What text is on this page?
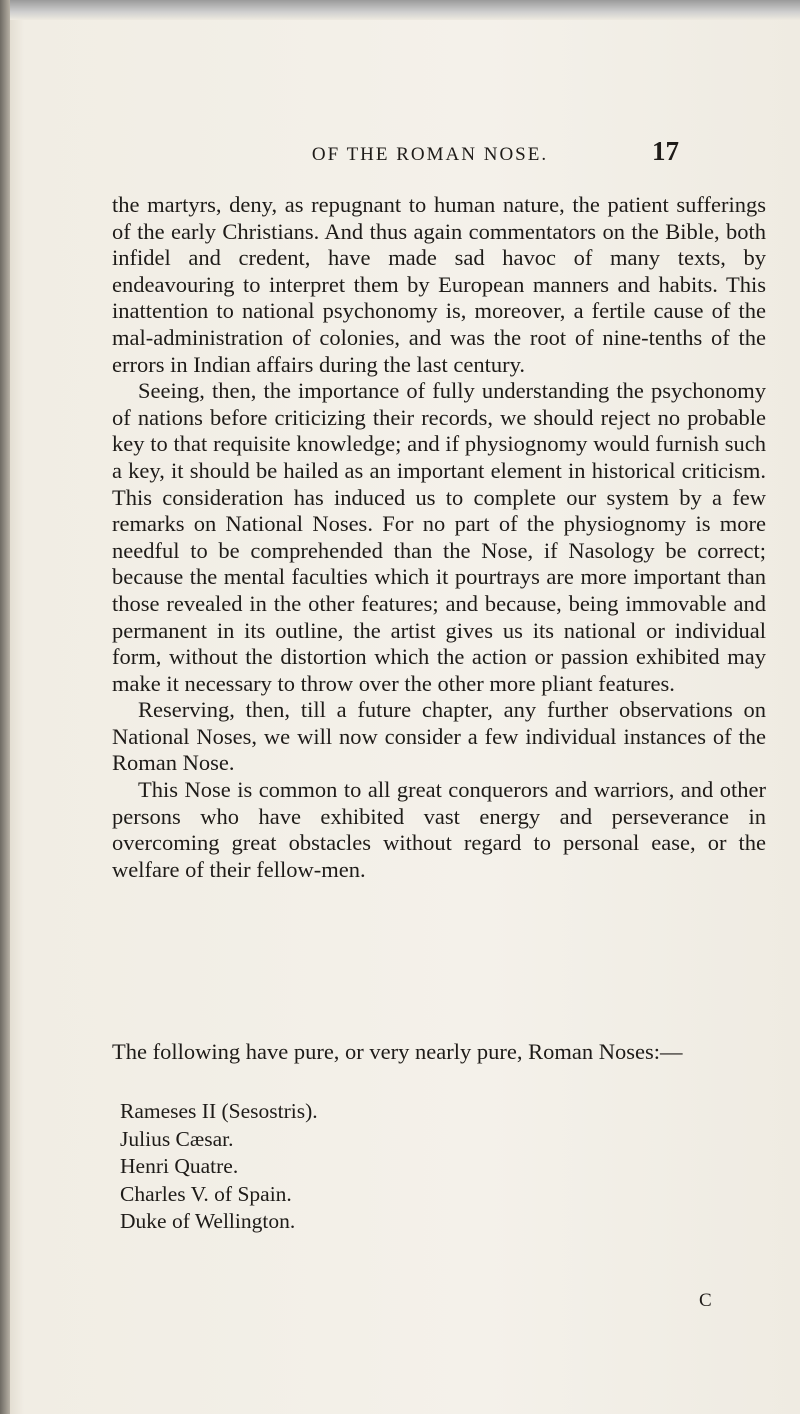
OF THE ROMAN NOSE.	17

the martyrs, deny, as repugnant to human nature, the patient sufferings of the early Christians. And thus again commentators on the Bible, both infidel and credent, have made sad havoc of many texts, by endeavouring to interpret them by European manners and habits. This inattention to national psychonomy is, moreover, a fertile cause of the mal-administration of colonies, and was the root of nine-tenths of the errors in Indian affairs during the last century.

Seeing, then, the importance of fully understanding the psychonomy of nations before criticizing their records, we should reject no probable key to that requisite knowledge; and if physiognomy would furnish such a key, it should be hailed as an important element in historical criticism. This consideration has induced us to complete our system by a few remarks on National Noses. For no part of the physiognomy is more needful to be comprehended than the Nose, if Nasology be correct; because the mental faculties which it pourtrays are more important than those revealed in the other features; and because, being immovable and permanent in its outline, the artist gives us its national or individual form, without the distortion which the action or passion exhibited may make it necessary to throw over the other more pliant features.

Reserving, then, till a future chapter, any further observations on National Noses, we will now consider a few individual instances of the Roman Nose.

This Nose is common to all great conquerors and warriors, and other persons who have exhibited vast energy and perseverance in overcoming great obstacles without regard to personal ease, or the welfare of their fellow-men.

The following have pure, or very nearly pure, Roman Noses:—
Rameses II (Sesostris).
Julius Cæsar.
Henri Quatre.
Charles V. of Spain.
Duke of Wellington.
C
